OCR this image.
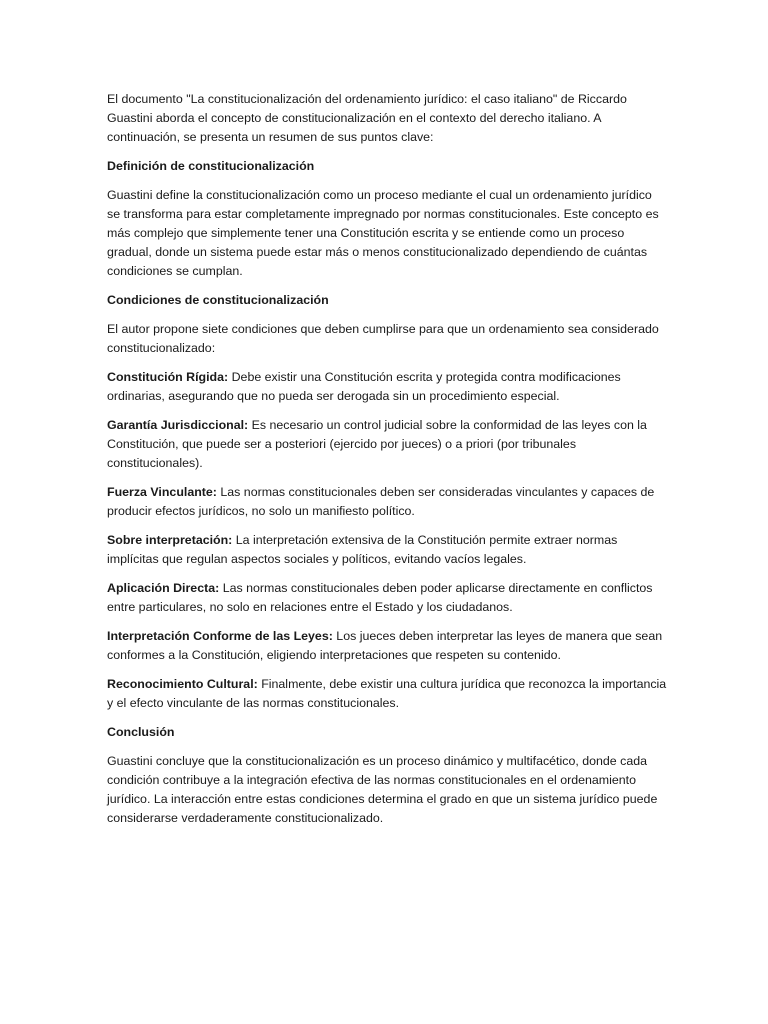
El documento "La constitucionalización del ordenamiento jurídico: el caso italiano" de Riccardo Guastini aborda el concepto de constitucionalización en el contexto del derecho italiano. A continuación, se presenta un resumen de sus puntos clave:

Definición de constitucionalización

Guastini define la constitucionalización como un proceso mediante el cual un ordenamiento jurídico se transforma para estar completamente impregnado por normas constitucionales. Este concepto es más complejo que simplemente tener una Constitución escrita y se entiende como un proceso gradual, donde un sistema puede estar más o menos constitucionalizado dependiendo de cuántas condiciones se cumplan.

Condiciones de constitucionalización

El autor propone siete condiciones que deben cumplirse para que un ordenamiento sea considerado constitucionalizado:

Constitución Rígida: Debe existir una Constitución escrita y protegida contra modificaciones ordinarias, asegurando que no pueda ser derogada sin un procedimiento especial.

Garantía Jurisdiccional: Es necesario un control judicial sobre la conformidad de las leyes con la Constitución, que puede ser a posteriori (ejercido por jueces) o a priori (por tribunales constitucionales).

Fuerza Vinculante: Las normas constitucionales deben ser consideradas vinculantes y capaces de producir efectos jurídicos, no solo un manifiesto político.

Sobre interpretación: La interpretación extensiva de la Constitución permite extraer normas implícitas que regulan aspectos sociales y políticos, evitando vacíos legales.

Aplicación Directa: Las normas constitucionales deben poder aplicarse directamente en conflictos entre particulares, no solo en relaciones entre el Estado y los ciudadanos.

Interpretación Conforme de las Leyes: Los jueces deben interpretar las leyes de manera que sean conformes a la Constitución, eligiendo interpretaciones que respeten su contenido.

Reconocimiento Cultural: Finalmente, debe existir una cultura jurídica que reconozca la importancia y el efecto vinculante de las normas constitucionales.

Conclusión

Guastini concluye que la constitucionalización es un proceso dinámico y multifacético, donde cada condición contribuye a la integración efectiva de las normas constitucionales en el ordenamiento jurídico. La interacción entre estas condiciones determina el grado en que un sistema jurídico puede considerarse verdaderamente constitucionalizado.
